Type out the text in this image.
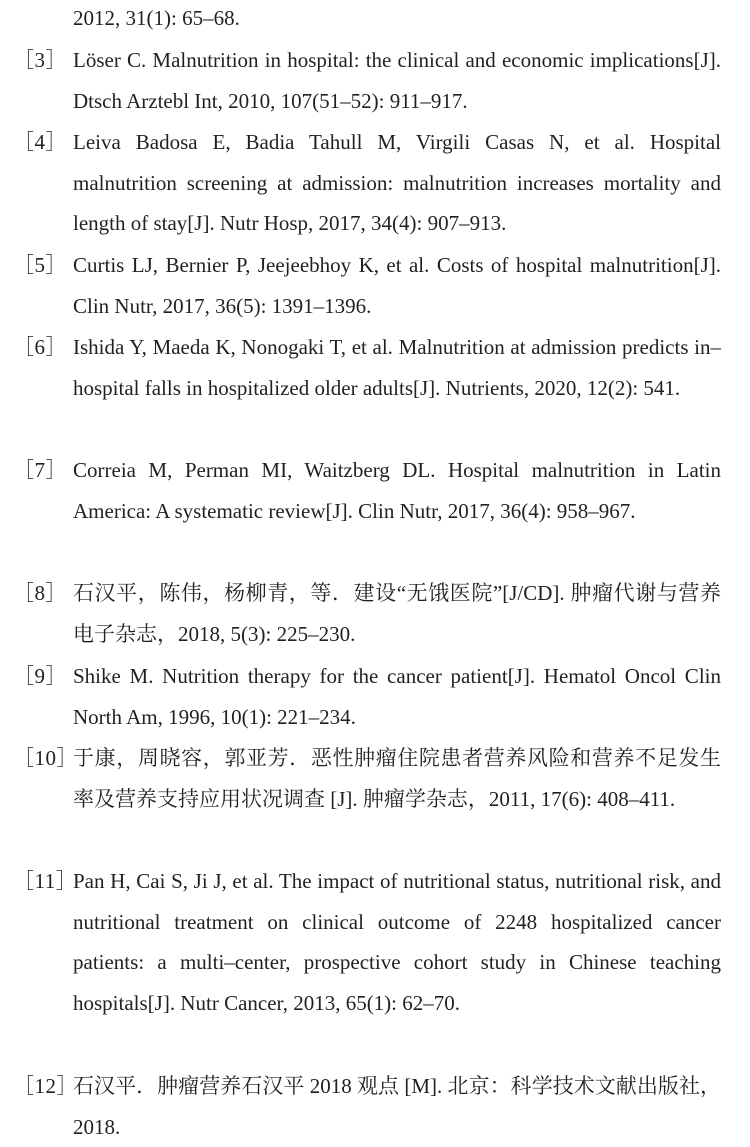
2012, 31(1): 65–68.
［3］ Löser C. Malnutrition in hospital: the clinical and economic implications[J]. Dtsch Arztebl Int, 2010, 107(51–52): 911–917.
［4］ Leiva Badosa E, Badia Tahull M, Virgili Casas N, et al. Hospital malnutrition screening at admission: malnutrition increases mortality and length of stay[J]. Nutr Hosp, 2017, 34(4): 907–913.
［5］ Curtis LJ, Bernier P, Jeejeebhoy K, et al. Costs of hospital malnutrition[J]. Clin Nutr, 2017, 36(5): 1391–1396.
［6］ Ishida Y, Maeda K, Nonogaki T, et al. Malnutrition at admission predicts in–hospital falls in hospitalized older adults[J]. Nutrients, 2020, 12(2): 541.
［7］ Correia M, Perman MI, Waitzberg DL. Hospital malnutrition in Latin America: A systematic review[J]. Clin Nutr, 2017, 36(4): 958–967.
［8］ 石汉平，陈伟，杨柳青，等．建设“无饿医院”[J/CD]. 肿瘤代谢与营养电子杂志，2018, 5(3): 225–230.
［9］ Shike M. Nutrition therapy for the cancer patient[J]. Hematol Oncol Clin North Am, 1996, 10(1): 221–234.
［10］
于康，周晓容，郭亚芳．恶性肿瘤住院患者营养风险和营养不足发生率及营养支持应用状况调查 [J]. 肿瘤学杂志，2011, 17(6): 408–411.
［11］
Pan H, Cai S, Ji J, et al. The impact of nutritional status, nutritional risk, and nutritional treatment on clinical outcome of 2248 hospitalized cancer patients: a multi–center, prospective cohort study in Chinese teaching hospitals[J]. Nutr Cancer, 2013, 65(1): 62–70.
［12］
石汉平．肿瘤营养石汉平 2018 观点 [M]. 北京：科学技术文献出版社，2018.
